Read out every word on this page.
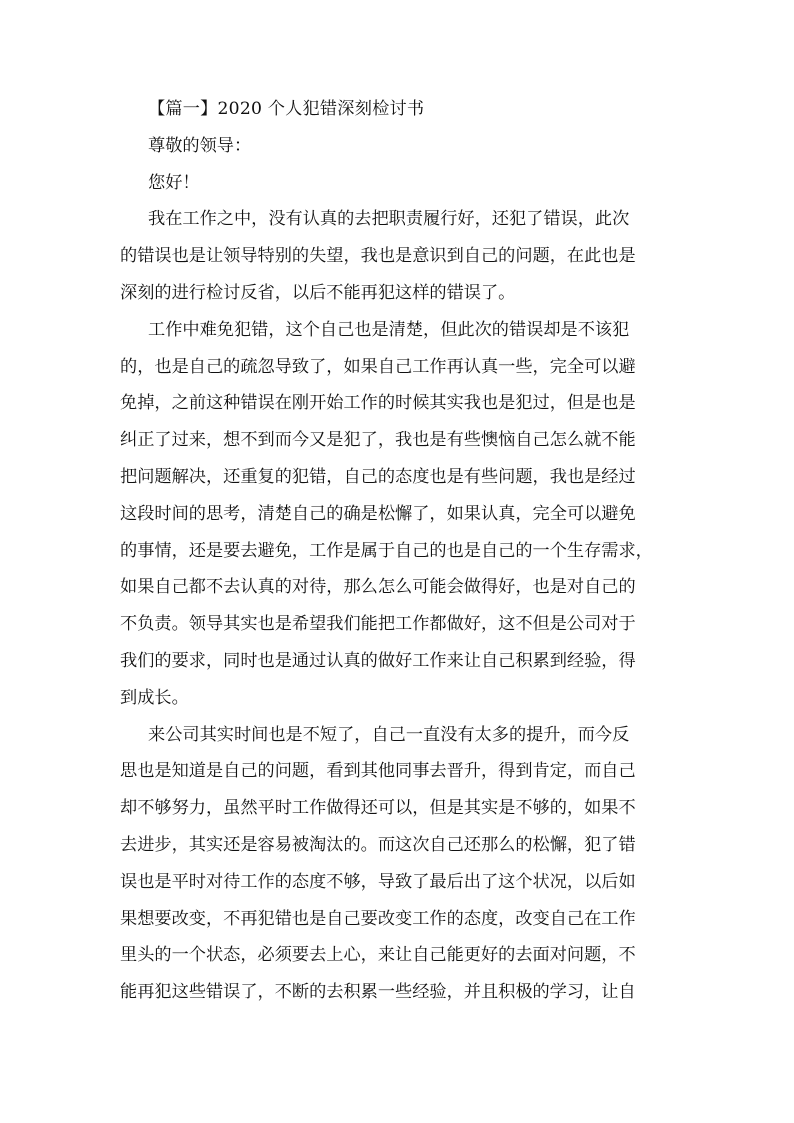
【篇一】2020 个人犯错深刻检讨书
尊敬的领导：
您好！
我在工作之中，没有认真的去把职责履行好，还犯了错误，此次
的错误也是让领导特别的失望，我也是意识到自己的问题，在此也是
深刻的进行检讨反省，以后不能再犯这样的错误了。
工作中难免犯错，这个自己也是清楚，但此次的错误却是不该犯
的，也是自己的疏忽导致了，如果自己工作再认真一些，完全可以避
免掉，之前这种错误在刚开始工作的时候其实我也是犯过，但是也是
纠正了过来，想不到而今又是犯了，我也是有些懊恼自己怎么就不能
把问题解决，还重复的犯错，自己的态度也是有些问题，我也是经过
这段时间的思考，清楚自己的确是松懈了，如果认真，完全可以避免
的事情，还是要去避免，工作是属于自己的也是自己的一个生存需求，
如果自己都不去认真的对待，那么怎么可能会做得好，也是对自己的
不负责。领导其实也是希望我们能把工作都做好，这不但是公司对于
我们的要求，同时也是通过认真的做好工作来让自己积累到经验，得
到成长。
来公司其实时间也是不短了，自己一直没有太多的提升，而今反
思也是知道是自己的问题，看到其他同事去晋升，得到肯定，而自己
却不够努力，虽然平时工作做得还可以，但是其实是不够的，如果不
去进步，其实还是容易被淘汰的。而这次自己还那么的松懈，犯了错
误也是平时对待工作的态度不够，导致了最后出了这个状况，以后如
果想要改变，不再犯错也是自己要改变工作的态度，改变自己在工作
里头的一个状态，必须要去上心，来让自己能更好的去面对问题，不
能再犯这些错误了，不断的去积累一些经验，并且积极的学习，让自
